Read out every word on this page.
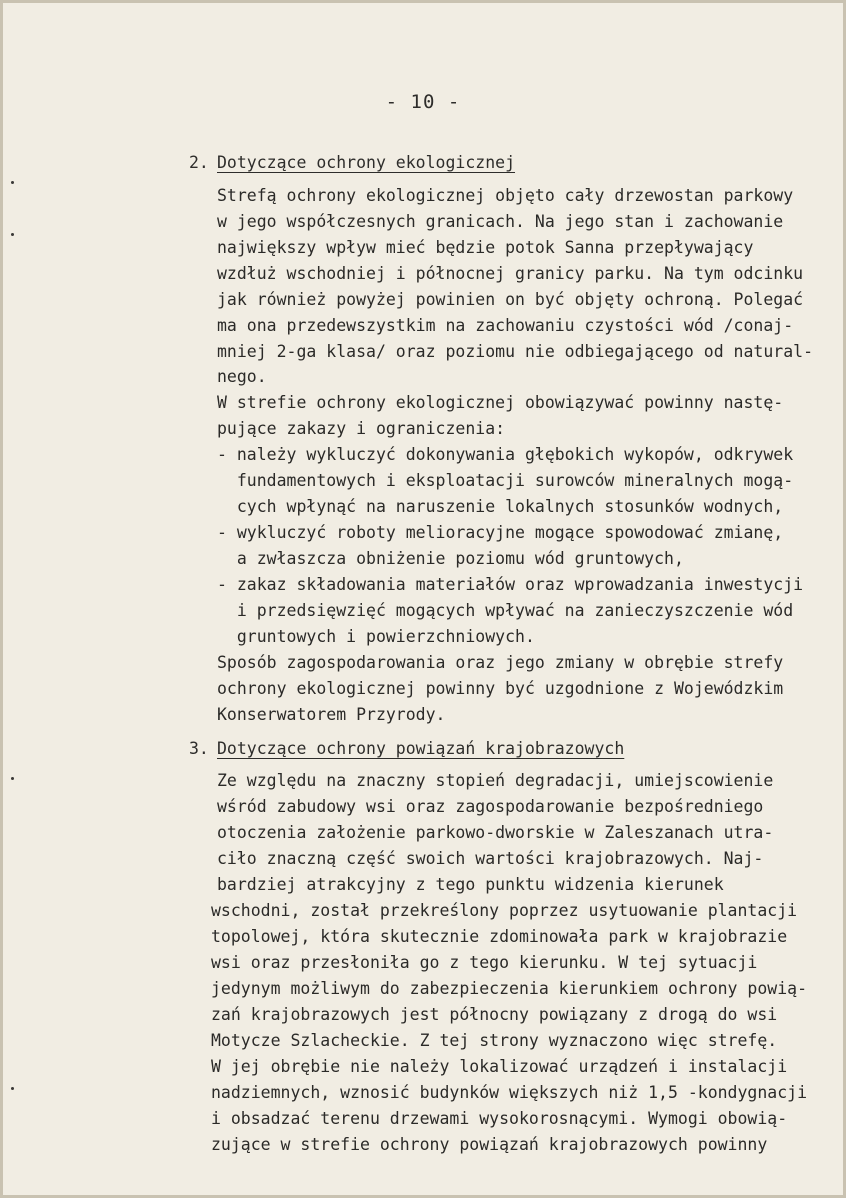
- 10 -
2. Dotyczące ochrony ekologicznej
Strefą ochrony ekologicznej objęto cały drzewostan parkowy
w jego współczesnych granicach. Na jego stan i zachowanie
największy wpływ mieć będzie potok Sanna przepływający
wzdłuż wschodniej i północnej granicy parku. Na tym odcinku
jak również powyżej powinien on być objęty ochroną. Polegać
ma ona przedewszystkim na zachowaniu czystości wód /conaj-
mniej 2-ga klasa/ oraz poziomu nie odbiegającego od natural-
nego.
W strefie ochrony ekologicznej obowiązywać powinny nastę-
pujące zakazy i ograniczenia:
- należy wykluczyć dokonywania głębokich wykopów, odkrywek
fundamentowych i eksploatacji surowców mineralnych mogą-
cych wpłynąć na naruszenie lokalnych stosunków wodnych,
- wykluczyć roboty melioracyjne mogące spowodować zmianę,
a zwłaszcza obniżenie poziomu wód gruntowych,
- zakaz składowania materiałów oraz wprowadzania inwestycji
i przedsięwzięć mogących wpływać na zanieczyszczenie wód
gruntowych i powierzchniowych.
Sposób zagospodarowania oraz jego zmiany w obrębie strefy
ochrony ekologicznej powinny być uzgodnione z Wojewódzkim
Konserwatorem Przyrody.
3. Dotyczące ochrony powiązań krajobrazowych
Ze względu na znaczny stopień degradacji, umiejscowienie
wśród zabudowy wsi oraz zagospodarowanie bezpośredniego
otoczenia założenie parkowo-dworskie w Zaleszanach utra-
ciło znaczną część swoich wartości krajobrazowych. Naj-
bardziej atrakcyjny z tego punktu widzenia kierunek
wschodni, został przekreślony poprzez usytuowanie plantacji
topolowej, która skutecznie zdominowała park w krajobrazie
wsi oraz przesłoniła go z tego kierunku. W tej sytuacji
jedynym możliwym do zabezpieczenia kierunkiem ochrony powią-
zań krajobrazowych jest północny powiązany z drogą do wsi
Motycze Szlacheckie. Z tej strony wyznaczono więc strefę.
W jej obrębie nie należy lokalizować urządzeń i instalacji
nadziemnych, wznosić budynków większych niż 1,5 -kondygnacji
i obsadzać terenu drzewami wysokorosnącymi. Wymogi obowią-
zujące w strefie ochrony powiązań krajobrazowych powinny
